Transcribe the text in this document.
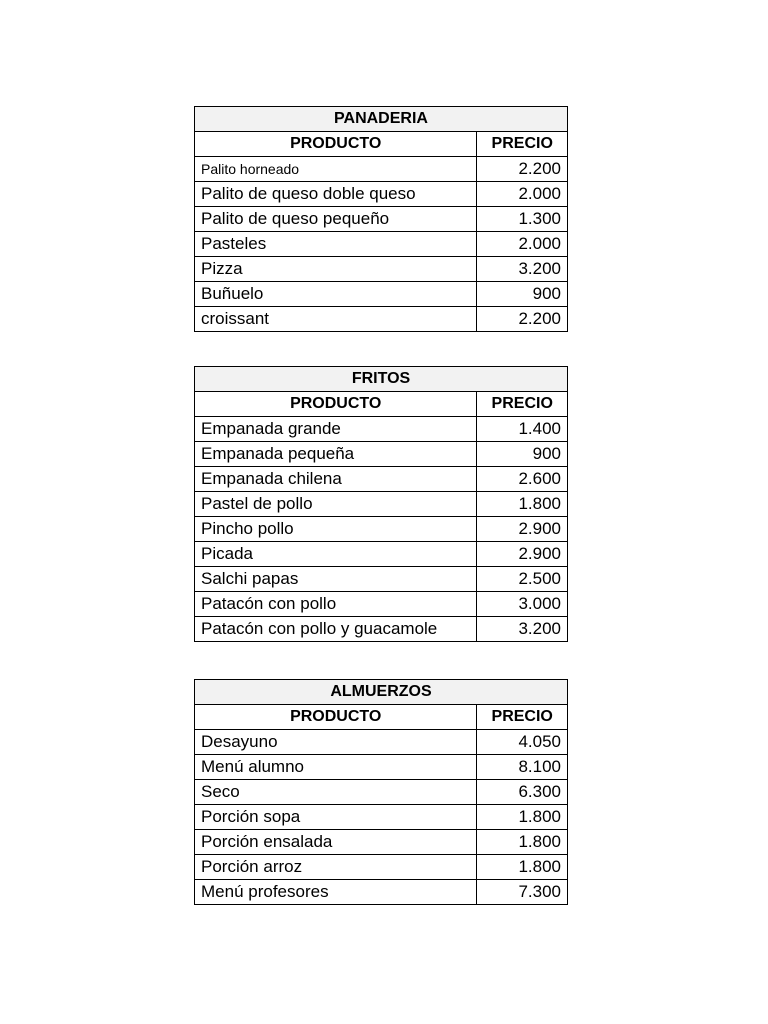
PANADERIA	
PRODUCTO	PRECIO
Palito horneado	2.200
Palito de queso doble queso	2.000
Palito de queso pequeño	1.300
Pasteles	2.000
Pizza	3.200
Buñuelo	900
croissant	2.200
FRITOS	
PRODUCTO	PRECIO
Empanada grande	1.400
Empanada pequeña	900
Empanada chilena	2.600
Pastel de pollo	1.800
Pincho pollo	2.900
Picada	2.900
Salchi papas	2.500
Patacón con pollo	3.000
Patacón con pollo y guacamole	3.200
ALMUERZOS	
PRODUCTO	PRECIO
Desayuno	4.050
Menú alumno	8.100
Seco	6.300
Porción sopa	1.800
Porción ensalada	1.800
Porción arroz	1.800
Menú profesores	7.300
